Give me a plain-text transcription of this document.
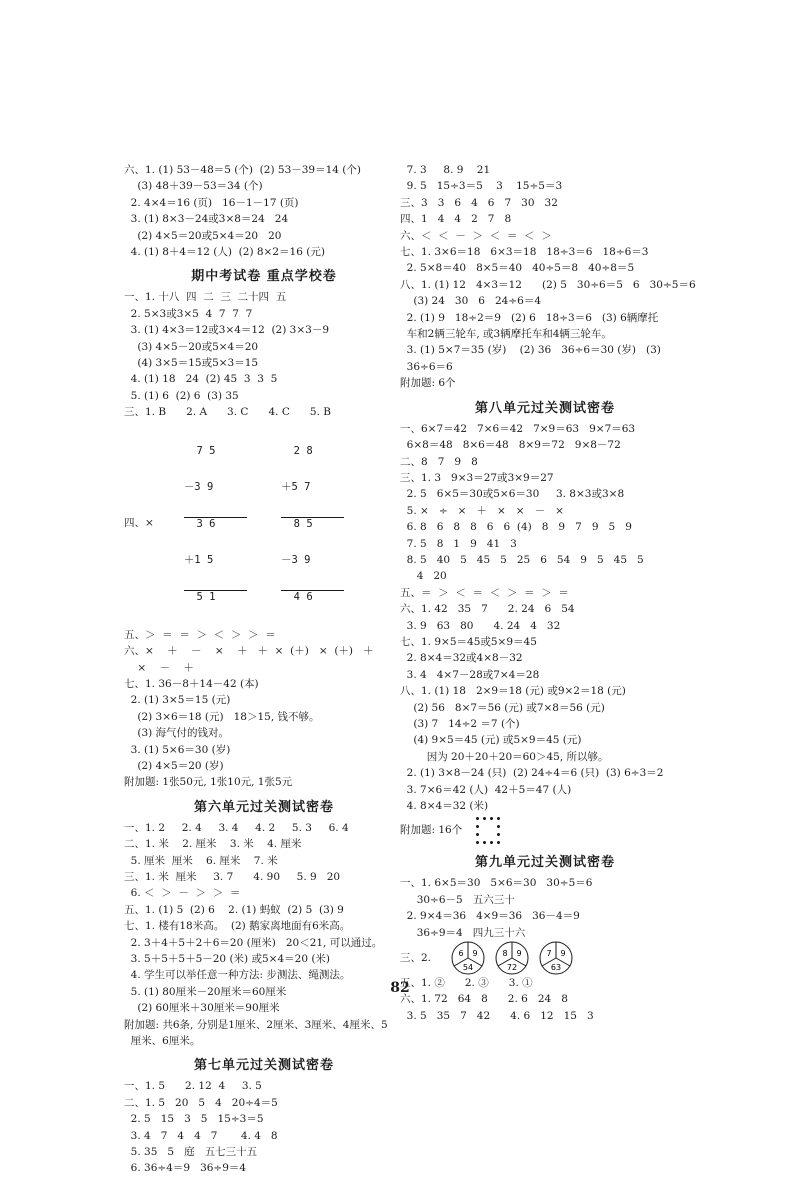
六、1. (1) 53－48＝5 (个)  (2) 53－39＝14 (个)
(3) 48＋39－53＝34 (个)
2. 4×4＝16 (页)   16－1－17 (页)
3. (1) 8×3－24或3×8＝24   24
(2) 4×5＝20或5×4＝20   20
4. (1) 8＋4＝12 (人)  (2) 8×2＝16 (元)
期中考试卷 重点学校卷
一、1. 十八  四  二  三  二十四  五
2. 5×3或3×5  4  7  7  7
3. (1) 4×3＝12或3×4＝12  (2) 3×3－9
(3) 4×5－20或5×4＝20
(4) 3×5＝15或5×3＝15
4. (1) 18   24  (2) 45  3  3  5
5. (1) 6  (2) 6  (3) 35
三、1. B      2. A      3. C      4. C      5. B
四、×

7 5

－3 9

3 6

＋1 5

5 1

2 8

＋5 7

8 5

－3 9

4 6

五、＞  ＝  ＝  ＞  ＜  ＞  ＞  ＝
六、×    ＋    －    ×    ＋   ＋  ×  (＋)   ×  (＋)   ＋
×    －    ＋
七、1. 36－8＋14－42 (本)
2. (1) 3×5＝15 (元)
(2) 3×6＝18 (元)   18＞15, 钱不够。
(3) 海气付的钱对。
3. (1) 5×6＝30 (岁)
(2) 4×5＝20 (岁)
附加题: 1张50元, 1张10元, 1张5元
第六单元过关测试密卷
一、1. 2     2. 4     3. 4     4. 2     5. 3     6. 4
二、1. 米    2. 厘米    3. 米    4. 厘米
5. 厘米  厘米    6. 厘米    7. 米
三、1. 米  厘米     3. 7      4. 90     5. 9   20
6. ＜  ＞  －  ＞  ＞  ＝
五、1. (1) 5  (2) 6    2. (1) 蚂蚁  (2) 5  (3) 9
七、1. 楼有18米高。  (2) 鹅家离地面有6米高。
2. 3＋4＋5＋2＋6＝20 (厘米)   20＜21, 可以通过。
3. 5＋5＋5＋5－20 (米) 或5×4＝20 (米)
4. 学生可以举任意一种方法: 步测法、绳测法。
5. (1) 80厘米－20厘米＝60厘米
(2) 60厘米＋30厘米＝90厘米
附加题: 共6条, 分别是1厘米、2厘米、3厘米、4厘米、5
厘米、6厘米。
第七单元过关测试密卷
一、1. 5      2. 12  4     3. 5
二、1. 5   20   5   4   20÷4＝5
2. 5   15   3   5   15÷3＝5
3. 4   7   4   4   7       4. 4   8
5. 35   5   庭   五七三十五
6. 36÷4＝9   36÷9＝4
7. 3     8. 9    21
9. 5   15÷3＝5    3    15÷5＝3
三、3   3   6   4   6   7   30   32
四、1   4   4   2   7   8
六、＜  ＜  －  ＞  ＜  ＝  ＜  ＞
七、1. 3×6＝18   6×3＝18   18÷3＝6   18÷6＝3
2. 5×8＝40   8×5＝40   40÷5＝8   40÷8＝5
八、1. (1) 12   4×3＝12      (2) 5   30÷6＝5   6   30÷5＝6
(3) 24   30   6   24÷6＝4
2. (1) 9   18÷2＝9   (2) 6   18÷3＝6   (3) 6辆摩托
车和2辆三轮车, 或3辆摩托车和4辆三轮车。
3. (1) 5×7＝35 (岁)    (2) 36   36÷6＝30 (岁)   (3)
36÷6＝6
附加题: 6个
第八单元过关测试密卷
一、6×7＝42   7×6＝42   7×9＝63   9×7＝63
6×8＝48   8×6＝48   8×9＝72   9×8－72
二、8   7   9   8
三、1. 3   9×3＝27或3×9＝27
2. 5   6×5＝30或5×6＝30     3. 8×3或3×8
5. ×   ÷   ×   ＋   ×   ×   －   ×
6. 8   6   8   8   6   6  (4)   8   9   7   9   5   9
7. 5   8   1   9   41   3
8. 5   40   5   45   5   25   6   54   9   5   45   5
4   20
五、＝  ＞  ＜  ＝  ＜  ＞  ＝  ＞  ＝
六、1. 42   35   7      2. 24   6   54
3. 9   63   80      4. 24   4   32
七、1. 9×5＝45或5×9＝45
2. 8×4＝32或4×8－32
3. 4   4×7－28或7×4＝28
八、1. (1) 18   2×9＝18 (元) 或9×2＝18 (元)
(2) 56   8×7＝56 (元) 或7×8＝56 (元)
(3) 7   14÷2 ＝7 (个)
(4) 9×5＝45 (元) 或5×9＝45 (元)
因为 20＋20＋20＝60＞45, 所以够。
2. (1) 3×8－24 (只)  (2) 24÷4＝6 (只)  (3) 6÷3＝2
3. 7×6＝42 (人)  42＋5＝47 (人)
4. 8×4＝32 (米)
附加题: 16个
第九单元过关测试密卷
一、1. 6×5＝30   5×6＝30   30÷5＝6
30÷6－5   五六三十
2. 9×4＝36   4×9＝36   36－4＝9
36÷9＝4   四九三十六
三、2.	6 9
54
8 9
72
7 9
63
五、1. ②      2. ③      3. ①
六、1. 72   64   8      2. 6   24   8
3. 5   35   7   42      4. 6   12   15   3
82
